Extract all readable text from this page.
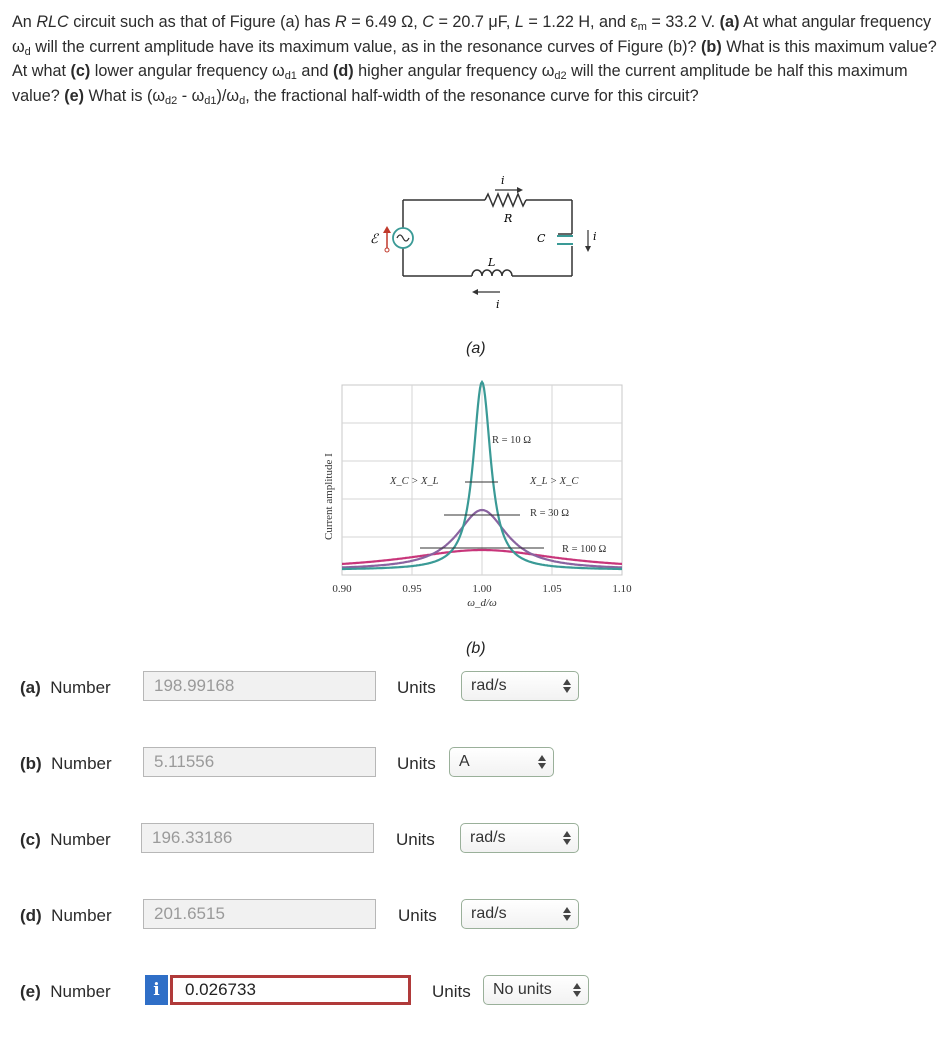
An RLC circuit such as that of Figure (a) has R = 6.49 Ω, C = 20.7 μF, L = 1.22 H, and $\varepsilon_m = 33.2$ V. (a) At what angular frequency $\omega_d$ will the current amplitude have its maximum value, as in the resonance curves of Figure (b)? (b) What is this maximum value? At what (c) lower angular frequency $\omega_{d1}$ and (d) higher angular frequency $\omega_{d2}$ will the current amplitude be half this maximum value? (e) What is $(\omega_{d2} - \omega_{d1})/\omega_d$, the fractional half-width of the resonance curve for this circuit?
ℰ
i
R
C	i
L
i
(a)
R = 10 Ω
R = 30 Ω
R = 100 Ω
X_C > X_L	X_L > X_C
0.90	0.95	1.00	1.05	1.10
ω_d/ω
Current amplitude I
(b)
(a) Number	198.99168	Units	rad/s
(b) Number	5.11556	Units	A
(c) Number	196.33186	Units	rad/s
(d) Number	201.6515	Units	rad/s
(e) Number	i	0.026733	Units	No units
